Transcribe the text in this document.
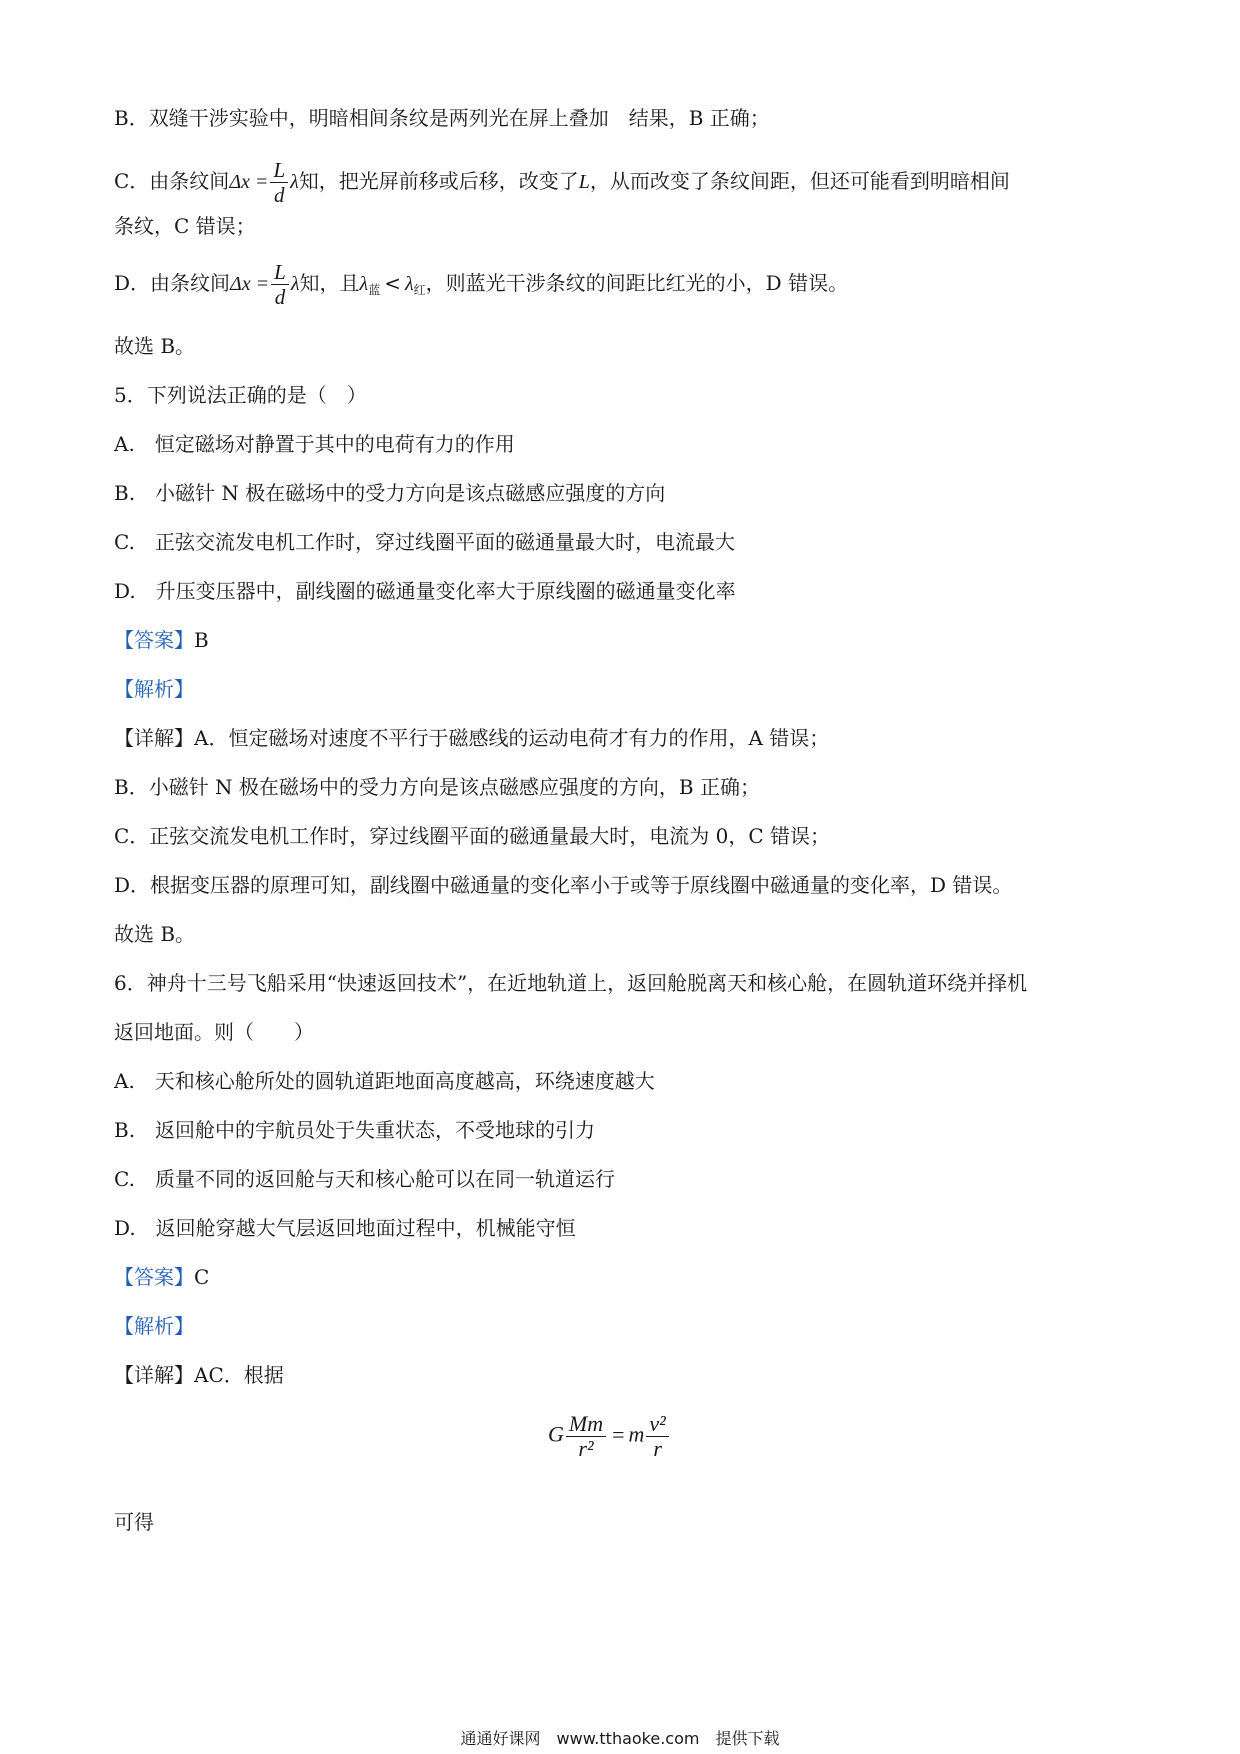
B．双缝干涉实验中，明暗相间条纹是两列光在屏上叠加　结果，B 正确；
C．由条纹间$\Delta x = \frac{L}{d}$ λ知，把光屏前移或后移，改变了L，从而改变了条纹间距，但还可能看到明暗相间
条纹，C 错误；
D．由条纹间$\Delta x = \frac{L}{d}$ λ知，且$\lambda_蓝 < \lambda_红$，则蓝光干涉条纹的间距比红光的小，D 错误。
故选 B。
5．下列说法正确的是（　）
A.　恒定磁场对静置于其中的电荷有力的作用
B.　小磁针 N 极在磁场中的受力方向是该点磁感应强度的方向
C.　正弦交流发电机工作时，穿过线圈平面的磁通量最大时，电流最大
D.　升压变压器中，副线圈的磁通量变化率大于原线圈的磁通量变化率
【答案】B
【解析】
【详解】A．恒定磁场对速度不平行于磁感线的运动电荷才有力的作用，A 错误；
B．小磁针 N 极在磁场中的受力方向是该点磁感应强度的方向，B 正确；
C．正弦交流发电机工作时，穿过线圈平面的磁通量最大时，电流为 0，C 错误；
D．根据变压器的原理可知，副线圈中磁通量的变化率小于或等于原线圈中磁通量的变化率，D 错误。
故选 B。
6．神舟十三号飞船采用“快速返回技术”，在近地轨道上，返回舱脱离天和核心舱，在圆轨道环绕并择机
返回地面。则（　　）
A.　天和核心舱所处的圆轨道距地面高度越高，环绕速度越大
B.　返回舱中的宇航员处于失重状态，不受地球的引力
C.　质量不同的返回舱与天和核心舱可以在同一轨道运行
D.　返回舱穿越大气层返回地面过程中，机械能守恒
【答案】C
【解析】
【详解】AC．根据
G $\frac{Mm}{\text{r²}} = m \frac{\text{v²}}{r}$
可得
通通好课网　www.tthaoke.com　提供下载
